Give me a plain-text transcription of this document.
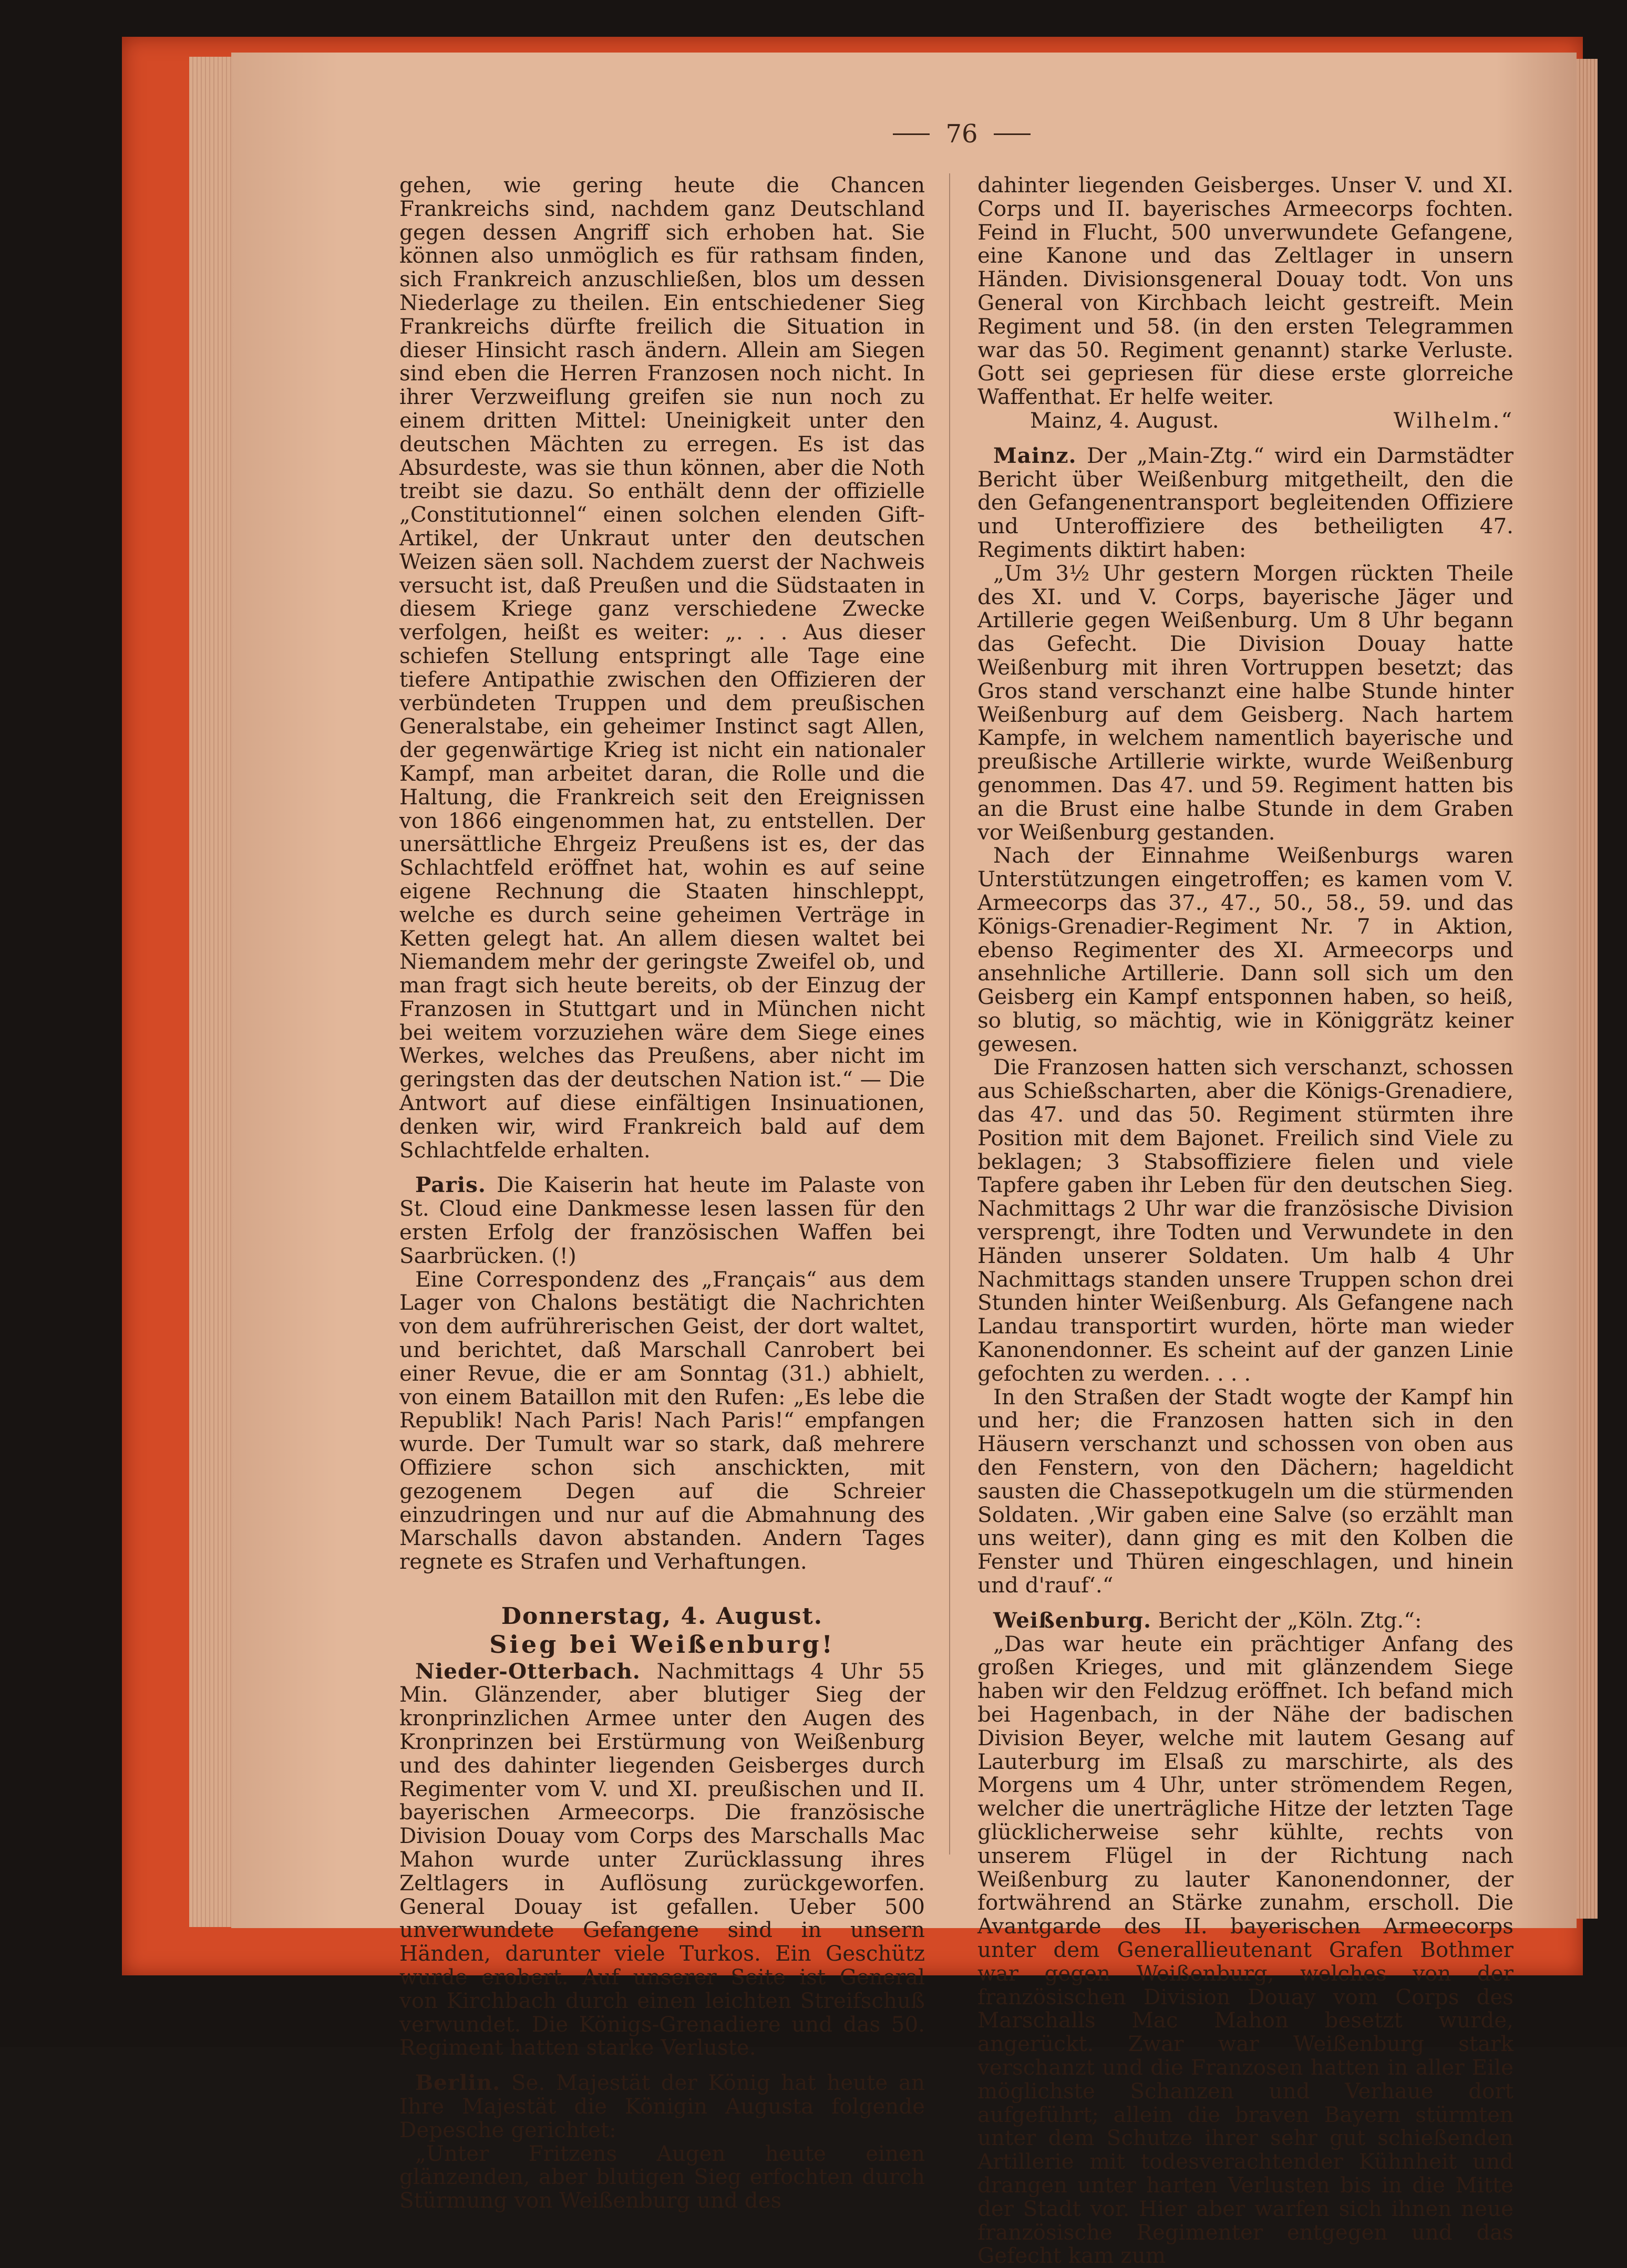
76

gehen, wie gering heute die Chancen Frankreichs sind, nachdem ganz Deutschland gegen dessen Angriff sich erhoben hat. Sie können also unmöglich es für rathsam finden, sich Frankreich anzuschließen, blos um dessen Niederlage zu theilen. Ein entschiedener Sieg Frankreichs dürfte freilich die Situation in dieser Hinsicht rasch ändern. Allein am Siegen sind eben die Herren Franzosen noch nicht. In ihrer Verzweiflung greifen sie nun noch zu einem dritten Mittel: Uneinigkeit unter den deutschen Mächten zu erregen. Es ist das Absurdeste, was sie thun können, aber die Noth treibt sie dazu. So enthält denn der offizielle „Constitutionnel“ einen solchen elenden Gift-Artikel, der Unkraut unter den deutschen Weizen säen soll. Nachdem zuerst der Nachweis versucht ist, daß Preußen und die Südstaaten in diesem Kriege ganz verschiedene Zwecke verfolgen, heißt es weiter: „. . . Aus dieser schiefen Stellung entspringt alle Tage eine tiefere Antipathie zwischen den Offizieren der verbündeten Truppen und dem preußischen Generalstabe, ein geheimer Instinct sagt Allen, der gegenwärtige Krieg ist nicht ein nationaler Kampf, man arbeitet daran, die Rolle und die Haltung, die Frankreich seit den Ereignissen von 1866 eingenommen hat, zu entstellen. Der unersättliche Ehrgeiz Preußens ist es, der das Schlachtfeld eröffnet hat, wohin es auf seine eigene Rechnung die Staaten hinschleppt, welche es durch seine geheimen Verträge in Ketten gelegt hat. An allem diesen waltet bei Niemandem mehr der geringste Zweifel ob, und man fragt sich heute bereits, ob der Einzug der Franzosen in Stuttgart und in München nicht bei weitem vorzuziehen wäre dem Siege eines Werkes, welches das Preußens, aber nicht im geringsten das der deutschen Nation ist.“ — Die Antwort auf diese einfältigen Insinuationen, denken wir, wird Frankreich bald auf dem Schlachtfelde erhalten.

Paris. Die Kaiserin hat heute im Palaste von St. Cloud eine Dankmesse lesen lassen für den ersten Erfolg der französischen Waffen bei Saarbrücken. (!)

Eine Correspondenz des „Français“ aus dem Lager von Chalons bestätigt die Nachrichten von dem aufrührerischen Geist, der dort waltet, und berichtet, daß Marschall Canrobert bei einer Revue, die er am Sonntag (31.) abhielt, von einem Bataillon mit den Rufen: „Es lebe die Republik! Nach Paris! Nach Paris!“ empfangen wurde. Der Tumult war so stark, daß mehrere Offiziere schon sich anschickten, mit gezogenem Degen auf die Schreier einzudringen und nur auf die Abmahnung des Marschalls davon abstanden. Andern Tages regnete es Strafen und Verhaftungen.

Donnerstag, 4. August.
Sieg bei Weißenburg!

Nieder-Otterbach. Nachmittags 4 Uhr 55 Min. Glänzender, aber blutiger Sieg der kronprinzlichen Armee unter den Augen des Kronprinzen bei Erstürmung von Weißenburg und des dahinter liegenden Geisberges durch Regimenter vom V. und XI. preußischen und II. bayerischen Armeecorps. Die französische Division Douay vom Corps des Marschalls Mac Mahon wurde unter Zurücklassung ihres Zeltlagers in Auflösung zurückgeworfen. General Douay ist gefallen. Ueber 500 unverwundete Gefangene sind in unsern Händen, darunter viele Turkos. Ein Geschütz wurde erobert. Auf unserer Seite ist General von Kirchbach durch einen leichten Streifschuß verwundet. Die Königs-Grenadiere und das 50. Regiment hatten starke Verluste.

Berlin. Se. Majestät der König hat heute an Ihre Majestät die Königin Augusta folgende Depesche gerichtet:

„Unter Fritzens Augen heute einen glänzenden, aber blutigen Sieg erfochten durch Stürmung von Weißenburg und des

dahinter liegenden Geisberges. Unser V. und XI. Corps und II. bayerisches Armeecorps fochten. Feind in Flucht, 500 unverwundete Gefangene, eine Kanone und das Zeltlager in unsern Händen. Divisionsgeneral Douay todt. Von uns General von Kirchbach leicht gestreift. Mein Regiment und 58. (in den ersten Telegrammen war das 50. Regiment genannt) starke Verluste. Gott sei gepriesen für diese erste glorreiche Waffenthat. Er helfe weiter.

Mainz, 4. August.	Wilhelm.“

Mainz. Der „Main-Ztg.“ wird ein Darmstädter Bericht über Weißenburg mitgetheilt, den die den Gefangenentransport begleitenden Offiziere und Unteroffiziere des betheiligten 47. Regiments diktirt haben:

„Um 3½ Uhr gestern Morgen rückten Theile des XI. und V. Corps, bayerische Jäger und Artillerie gegen Weißenburg. Um 8 Uhr begann das Gefecht. Die Division Douay hatte Weißenburg mit ihren Vortruppen besetzt; das Gros stand verschanzt eine halbe Stunde hinter Weißenburg auf dem Geisberg. Nach hartem Kampfe, in welchem namentlich bayerische und preußische Artillerie wirkte, wurde Weißenburg genommen. Das 47. und 59. Regiment hatten bis an die Brust eine halbe Stunde in dem Graben vor Weißenburg gestanden.

Nach der Einnahme Weißenburgs waren Unterstützungen eingetroffen; es kamen vom V. Armeecorps das 37., 47., 50., 58., 59. und das Königs-Grenadier-Regiment Nr. 7 in Aktion, ebenso Regimenter des XI. Armeecorps und ansehnliche Artillerie. Dann soll sich um den Geisberg ein Kampf entsponnen haben, so heiß, so blutig, so mächtig, wie in Königgrätz keiner gewesen.

Die Franzosen hatten sich verschanzt, schossen aus Schießscharten, aber die Königs-Grenadiere, das 47. und das 50. Regiment stürmten ihre Position mit dem Bajonet. Freilich sind Viele zu beklagen; 3 Stabsoffiziere fielen und viele Tapfere gaben ihr Leben für den deutschen Sieg. Nachmittags 2 Uhr war die französische Division versprengt, ihre Todten und Verwundete in den Händen unserer Soldaten. Um halb 4 Uhr Nachmittags standen unsere Truppen schon drei Stunden hinter Weißenburg. Als Gefangene nach Landau transportirt wurden, hörte man wieder Kanonendonner. Es scheint auf der ganzen Linie gefochten zu werden. . . .

In den Straßen der Stadt wogte der Kampf hin und her; die Franzosen hatten sich in den Häusern verschanzt und schossen von oben aus den Fenstern, von den Dächern; hageldicht sausten die Chassepotkugeln um die stürmenden Soldaten. ‚Wir gaben eine Salve (so erzählt man uns weiter), dann ging es mit den Kolben die Fenster und Thüren eingeschlagen, und hinein und d'rauf‘.“

Weißenburg. Bericht der „Köln. Ztg.“:

„Das war heute ein prächtiger Anfang des großen Krieges, und mit glänzendem Siege haben wir den Feldzug eröffnet. Ich befand mich bei Hagenbach, in der Nähe der badischen Division Beyer, welche mit lautem Gesang auf Lauterburg im Elsaß zu marschirte, als des Morgens um 4 Uhr, unter strömendem Regen, welcher die unerträgliche Hitze der letzten Tage glücklicherweise sehr kühlte, rechts von unserem Flügel in der Richtung nach Weißenburg zu lauter Kanonendonner, der fortwährend an Stärke zunahm, erscholl. Die Avantgarde des II. bayerischen Armeecorps unter dem Generallieutenant Grafen Bothmer war gegen Weißenburg, welches von der französischen Division Douay vom Corps des Marschalls Mac Mahon besetzt wurde, angerückt. Zwar war Weißenburg stark verschanzt und die Franzosen hatten in aller Eile möglichste Schanzen und Verhaue dort aufgeführt; allein die braven Bayern stürmten unter dem Schutze ihrer sehr gut schießenden Artillerie mit todesverachtender Kühnheit und drangen unter harten Verlusten bis in die Mitte der Stadt vor. Hier aber warfen sich ihnen neue französische Regimenter entgegen und das Gefecht kam zum
